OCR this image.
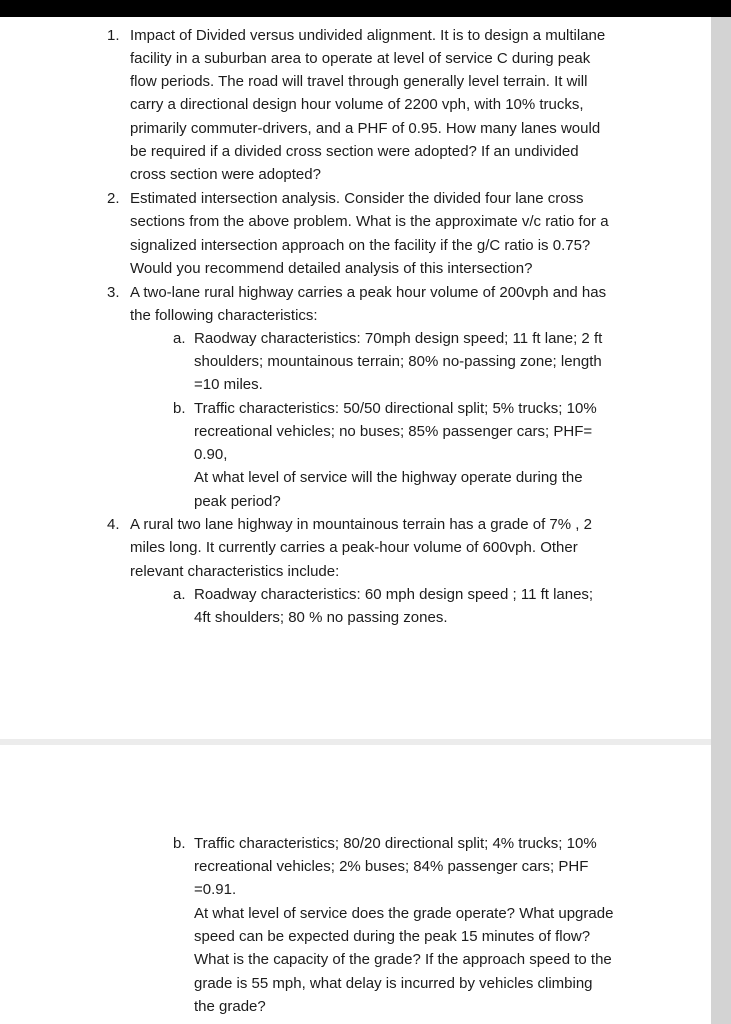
1. Impact of Divided versus undivided alignment. It is to design a multilane
facility in a suburban area to operate at level of service C during peak
flow periods. The road will travel through generally level terrain. It will
carry a directional design hour volume of 2200 vph, with 10% trucks,
primarily commuter-drivers, and a PHF of 0.95. How many lanes would
be required if a divided cross section were adopted? If an undivided
cross section were adopted?
2. Estimated intersection analysis. Consider the divided four lane cross
sections from the above problem. What is the approximate v/c ratio for a
signalized intersection approach on the facility if the g/C ratio is 0.75?
Would you recommend detailed analysis of this intersection?
3. A two-lane rural highway carries a peak hour volume of 200vph and has
the following characteristics:
a. Raodway characteristics: 70mph design speed; 11 ft lane; 2 ft
shoulders; mountainous terrain; 80% no-passing zone; length
=10 miles.
b. Traffic characteristics: 50/50 directional split; 5% trucks; 10%
recreational vehicles; no buses; 85% passenger cars; PHF=
0.90,
At what level of service will the highway operate during the
peak period?
4. A rural two lane highway in mountainous terrain has a grade of 7% , 2
miles long. It currently carries a peak-hour volume of 600vph. Other
relevant characteristics include:
a. Roadway characteristics: 60 mph design speed ; 11 ft lanes;
4ft shoulders; 80 % no passing zones.
b. Traffic characteristics; 80/20 directional split; 4% trucks; 10%
recreational vehicles; 2% buses; 84% passenger cars; PHF
=0.91.
At what level of service does the grade operate? What upgrade
speed can be expected during the peak 15 minutes of flow?
What is the capacity of the grade? If the approach speed to the
grade is 55 mph, what delay is incurred by vehicles climbing
the grade?
